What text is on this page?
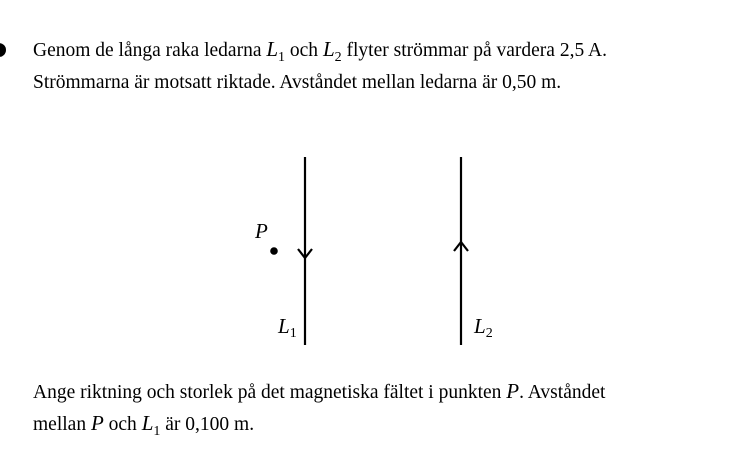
Genom de långa raka ledarna $L_1$ och $L_2$ flyter strömmar på vardera 2,5 A.
Strömmarna är motsatt riktade. Avståndet mellan ledarna är 0,50 m.
P
L1	L2
Ange riktning och storlek på det magnetiska fältet i punkten P. Avståndet
mellan P och $L_1$ är 0,100 m.
